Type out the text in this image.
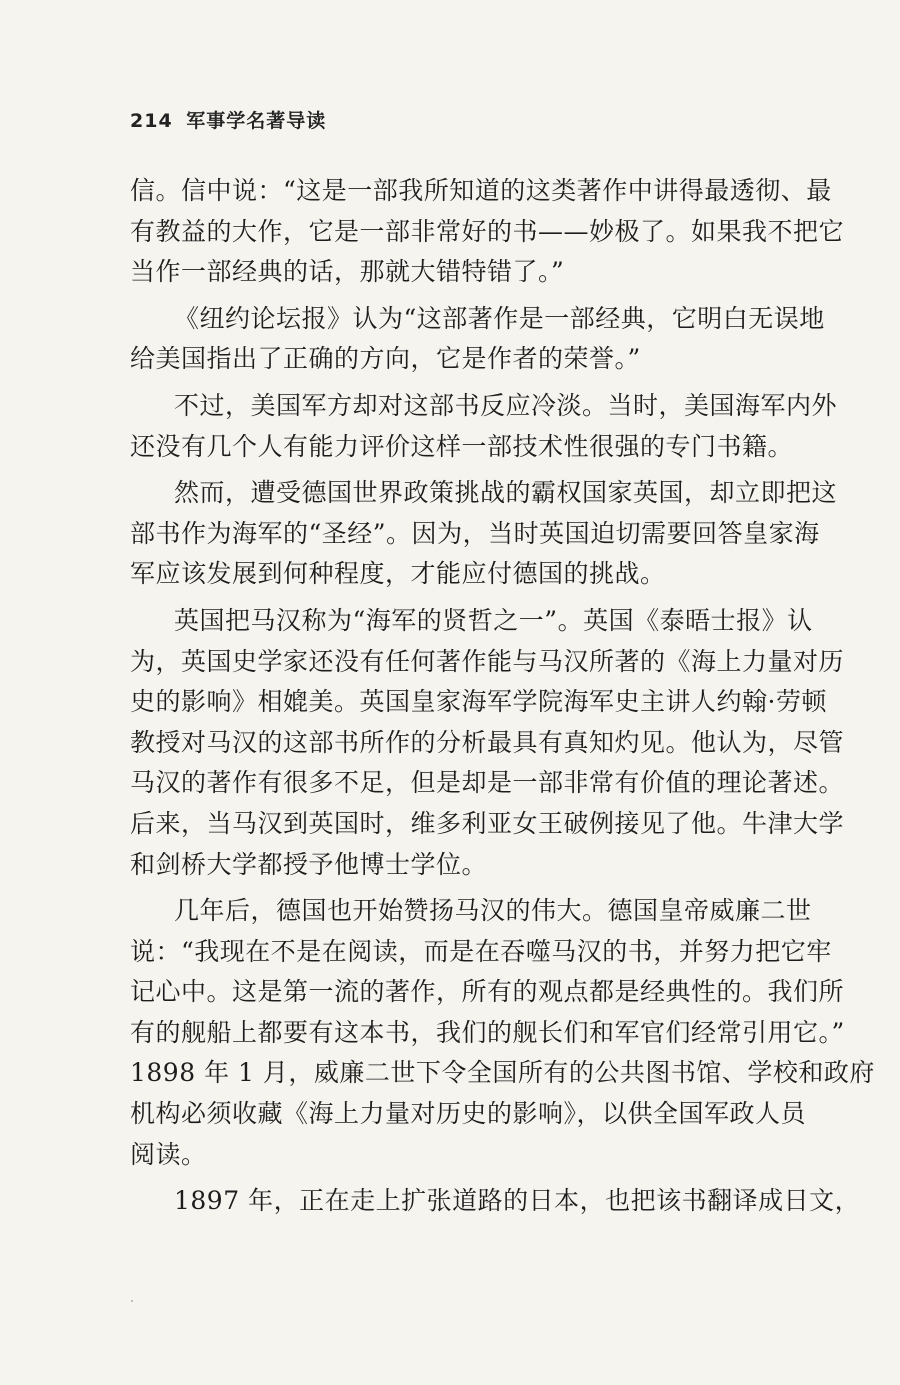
214 军事学名著导读
信。信中说：“这是一部我所知道的这类著作中讲得最透彻、最
有教益的大作，它是一部非常好的书——妙极了。如果我不把它
当作一部经典的话，那就大错特错了。”
《纽约论坛报》认为“这部著作是一部经典，它明白无误地
给美国指出了正确的方向，它是作者的荣誉。”
不过，美国军方却对这部书反应冷淡。当时，美国海军内外
还没有几个人有能力评价这样一部技术性很强的专门书籍。
然而，遭受德国世界政策挑战的霸权国家英国，却立即把这
部书作为海军的“圣经”。因为，当时英国迫切需要回答皇家海
军应该发展到何种程度，才能应付德国的挑战。
英国把马汉称为“海军的贤哲之一”。英国《泰晤士报》认
为，英国史学家还没有任何著作能与马汉所著的《海上力量对历
史的影响》相媲美。英国皇家海军学院海军史主讲人约翰·劳顿
教授对马汉的这部书所作的分析最具有真知灼见。他认为，尽管
马汉的著作有很多不足，但是却是一部非常有价值的理论著述。
后来，当马汉到英国时，维多利亚女王破例接见了他。牛津大学
和剑桥大学都授予他博士学位。
几年后，德国也开始赞扬马汉的伟大。德国皇帝威廉二世
说：“我现在不是在阅读，而是在吞噬马汉的书，并努力把它牢
记心中。这是第一流的著作，所有的观点都是经典性的。我们所
有的舰船上都要有这本书，我们的舰长们和军官们经常引用它。”
1898 年 1 月，威廉二世下令全国所有的公共图书馆、学校和政府
机构必须收藏《海上力量对历史的影响》，以供全国军政人员
阅读。
1897 年，正在走上扩张道路的日本，也把该书翻译成日文，
